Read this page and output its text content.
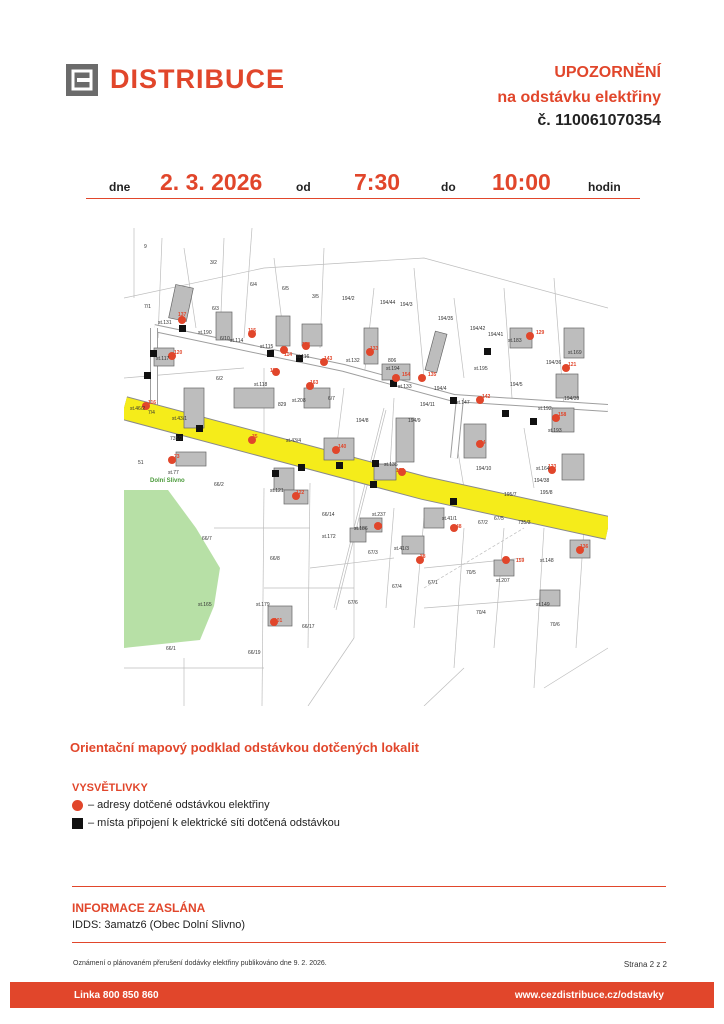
DISTRIBUCE	UPOZORNĚNÍ
na odstávku elektřiny
č. 110061070354
dne 2. 3. 2026	od 7:30	do 10:00	hodin
137
115
112
143
133
120	114
154	135
113
163
129
121
116
142
158
35
140
14
73
134
123
122
163	48
136
38
159
101
9
3/2
6/4
6/5
3/5	194/2
194/44 194/3
194/35
194/42
194/41
7/1	6/3
6/10
st.131
st.190
st.114
st.115
st.116
st.117
st.118
st.132	806
st.194
st.133
st.195
st.183
st.169
194/36
194/5
194/39
6/2
829
6/7
st.208
194/8
194/11
194/4
st.147
st.192
st.193
st.46/2
7/4
st.43/1
st.43/4
194/9
735/2
51
st.77
66/2
st.135
194/10	st.164
194/38
195/7	195/8
st.121
66/14	st.237
st.41/1	67/5
735/3
67/2
st.172
st.186
66/7
66/8
67/3
st.41/3
70/5
67/1
67/4
67/6
st.165	st.179
66/17
st.148
st.207
st.149
70/4
70/6
66/1
66/19
Dolní Slivno
Orientační mapový podklad odstávkou dotčených lokalit
VYSVĚTLIVKY
– adresy dotčené odstávkou elektřiny
– místa připojení k elektrické síti dotčená odstávkou
INFORMACE ZASLÁNA
IDDS: 3amatz6 (Obec Dolní Slivno)
Oznámení o plánovaném přerušení dodávky elektřiny publikováno dne 9. 2. 2026.	Strana 2 z 2
Linka 800 850 860	www.cezdistribuce.cz/odstavky
